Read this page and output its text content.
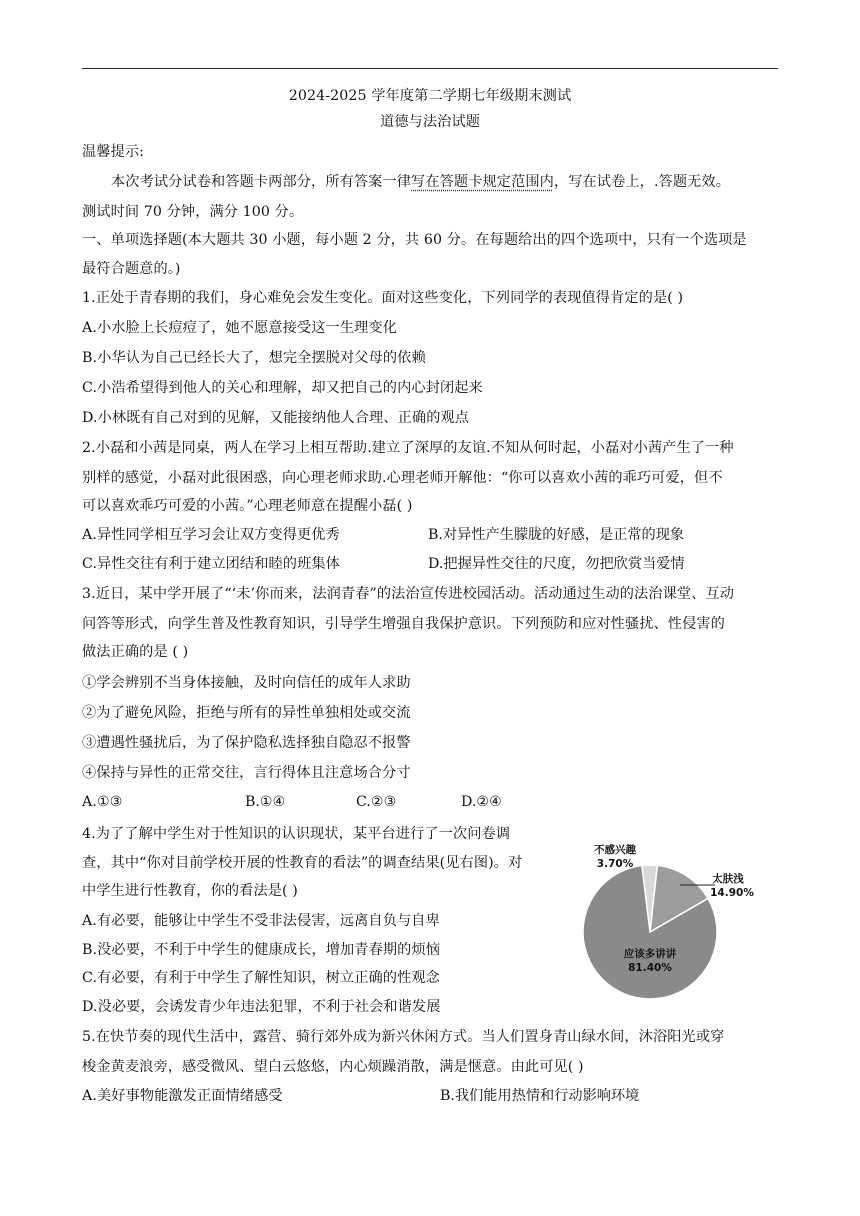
2024-2025 学年度第二学期七年级期末测试
道德与法治试题
温馨提示:
本次考试分试卷和答题卡两部分，所有答案一律写在答题卡规定范围内，写在试卷上，.答题无效。
测试时间 70 分钟，满分 100 分。
一、单项选择题(本大题共 30 小题，每小题 2 分，共 60 分。在每题给出的四个选项中，只有一个选项是
最符合题意的。)
1.正处于青春期的我们，身心难免会发生变化。面对这些变化，下列同学的表现值得肯定的是( )
A.小水脸上长痘痘了，她不愿意接受这一生理变化
B.小华认为自己已经长大了，想完全摆脱对父母的依赖
C.小浩希望得到他人的关心和理解，却又把自己的内心封闭起来
D.小林既有自己对到的见解，又能接纳他人合理、正确的观点
2.小磊和小茜是同桌，两人在学习上相互帮助.建立了深厚的友谊.不知从何时起，小磊对小茜产生了一种
别样的感觉，小磊对此很困惑，向心理老师求助.心理老师开解他：“你可以喜欢小茜的乖巧可爱，但不
可以喜欢乖巧可爱的小茜。”心理老师意在提醒小磊( )
A.异性同学相互学习会让双方变得更优秀	B.对异性产生朦胧的好感，是正常的现象
C.异性交往有利于建立团结和睦的班集体	D.把握异性交往的尺度，勿把欣赏当爱情
3.近日，某中学开展了“‘未’你而来，法润青春”的法治宣传进校园活动。活动通过生动的法治课堂、互动
问答等形式，向学生普及性教育知识，引导学生增强自我保护意识。下列预防和应对性骚扰、性侵害的
做法正确的是 ( )
①学会辨别不当身体接触，及时向信任的成年人求助
②为了避免风险，拒绝与所有的异性单独相处或交流
③遭遇性骚扰后，为了保护隐私选择独自隐忍不报警
④保持与异性的正常交往，言行得体且注意场合分寸
A.①③	B.①④	C.②③	D.②④
4.为了了解中学生对于性知识的认识现状，某平台进行了一次问卷调
查，其中“你对目前学校开展的性教育的看法”的调查结果(见右图)。对
中学生进行性教育，你的看法是( )
A.有必要，能够让中学生不受非法侵害，远离自负与自卑
B.没必要，不利于中学生的健康成长，增加青春期的烦恼
C.有必要，有利于中学生了解性知识，树立正确的性观念
D.没必要，会诱发青少年违法犯罪，不利于社会和谐发展
不感兴趣
3.70%
太肤浅
14.90%
应该多讲讲
81.40%
5.在快节奏的现代生活中，露营、骑行郊外成为新兴休闲方式。当人们置身青山绿水间，沐浴阳光或穿
梭金黄麦浪旁，感受微风、望白云悠悠，内心烦躁消散，满是惬意。由此可见( )
A.美好事物能激发正面情绪感受	B.我们能用热情和行动影响环境
